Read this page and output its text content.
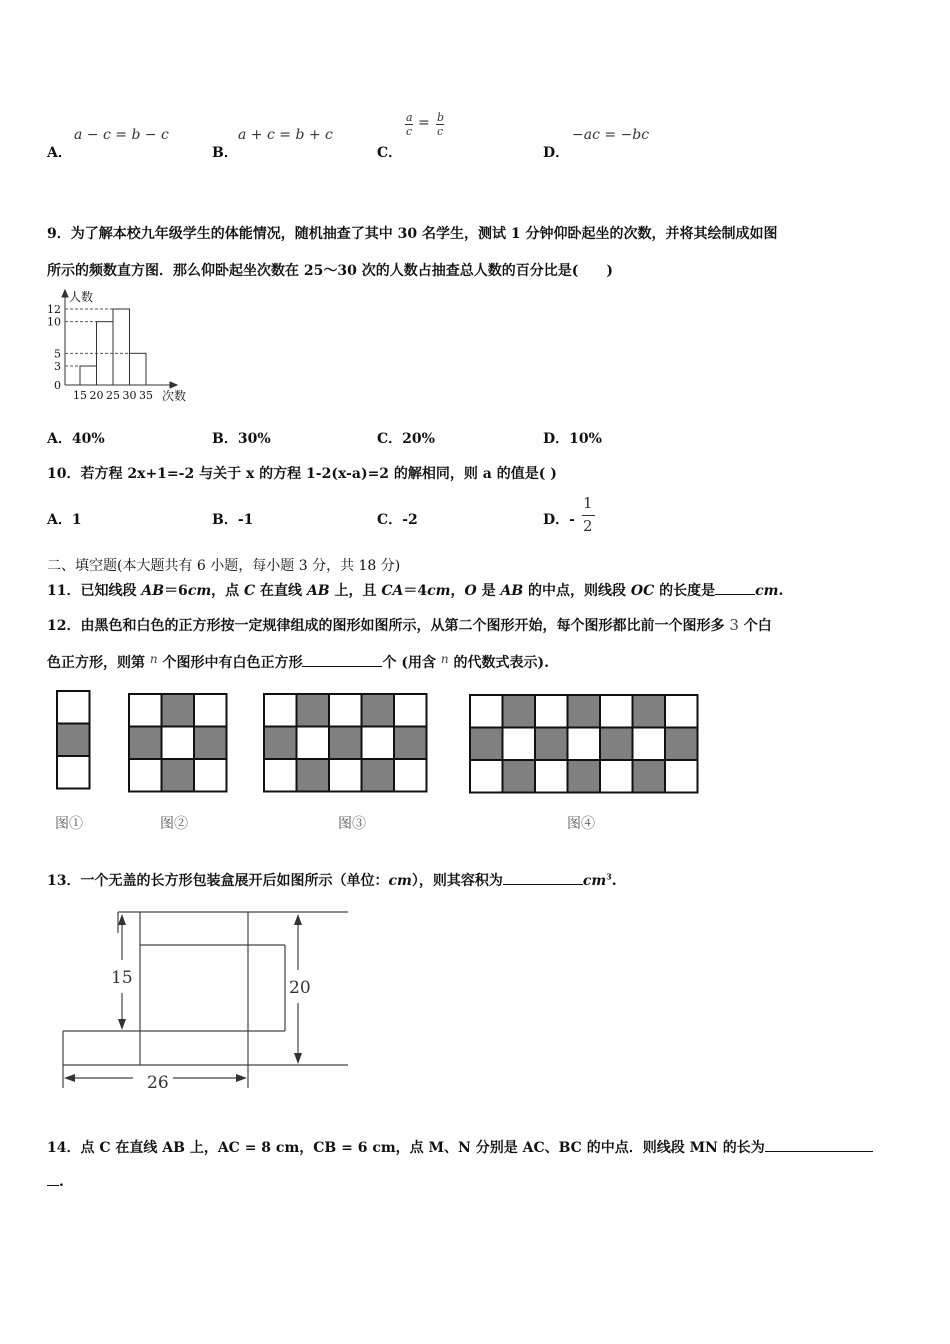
A．
a − c = b − c
B．
a + c = b + c
C．
a
c
= b
c
D．
−ac = −bc
9．为了解本校九年级学生的体能情况，随机抽查了其中 30 名学生，测试 1 分钟仰卧起坐的次数，并将其绘制成如图
所示的频数直方图．那么仰卧起坐次数在 25～30 次的人数占抽查总人数的百分比是(　　)
人数
次数
0
3
5
10
12
15 20 25 30 35
A．40%	B．30%	C．20%	D．10%
10．若方程 2x+1=-2 与关于 x 的方程 1-2(x-a)=2 的解相同，则 a 的值是( )
A．1	B．-1	C．-2	D．-
1
2
二、填空题(本大题共有 6 小题，每小题 3 分，共 18 分)
11．已知线段 AB＝6cm，点 C 在直线 AB 上，且 CA＝4cm，O 是 AB 的中点，则线段 OC 的长度是	cm.
12．由黑色和白色的正方形按一定规律组成的图形如图所示，从第二个图形开始，每个图形都比前一个图形多 3 个白
色正方形，则第 n 个图形中有白色正方形	个 (用含 n 的代数式表示).
图①	图②	图③	图④
13．一个无盖的长方形包装盒展开后如图所示（单位：cm），则其容积为	$cm^3$.
15	20
26
14．点 C 在直线 AB 上，AC = 8 cm，CB = 6 cm，点 M、N 分别是 AC、BC 的中点．则线段 MN 的长为
.
